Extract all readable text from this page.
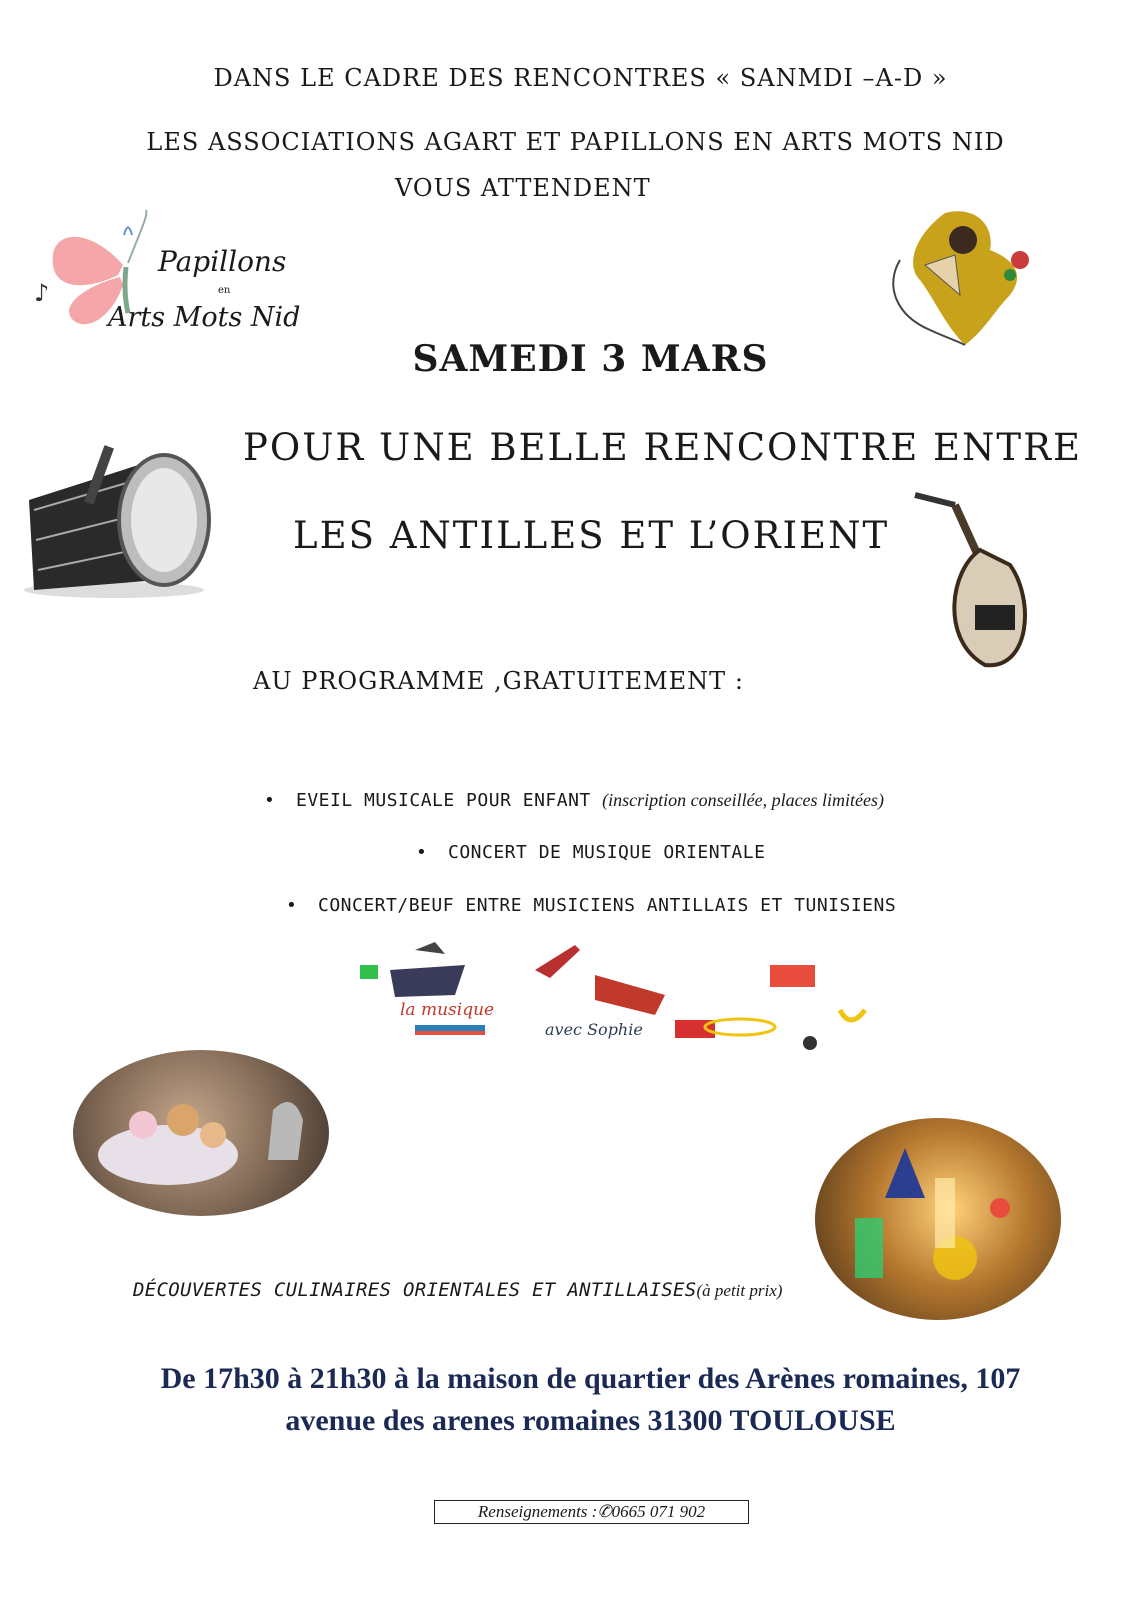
DANS LE CADRE DES RENCONTRES « SANMDI –A-D »
LES ASSOCIATIONS AGART ET PAPILLONS EN ARTS MOTS NID
VOUS ATTENDENT
♪
Papillons
en
Arts Mots Nid
SAMEDI 3 MARS
POUR UNE BELLE RENCONTRE ENTRE
LES ANTILLES ET L’ORIENT
AU PROGRAMME ,GRATUITEMENT :
• EVEIL MUSICALE POUR ENFANT (inscription conseillée, places limitées)
• CONCERT DE MUSIQUE ORIENTALE
• CONCERT/BEUF ENTRE MUSICIENS ANTILLAIS ET TUNISIENS
la musique
avec Sophie
DÉCOUVERTES CULINAIRES ORIENTALES ET ANTILLAISES(à petit prix)
De 17h30 à 21h30 à la maison de quartier des Arènes romaines, 107
avenue des arenes romaines 31300 TOULOUSE
Renseignements :✆0665 071 902
